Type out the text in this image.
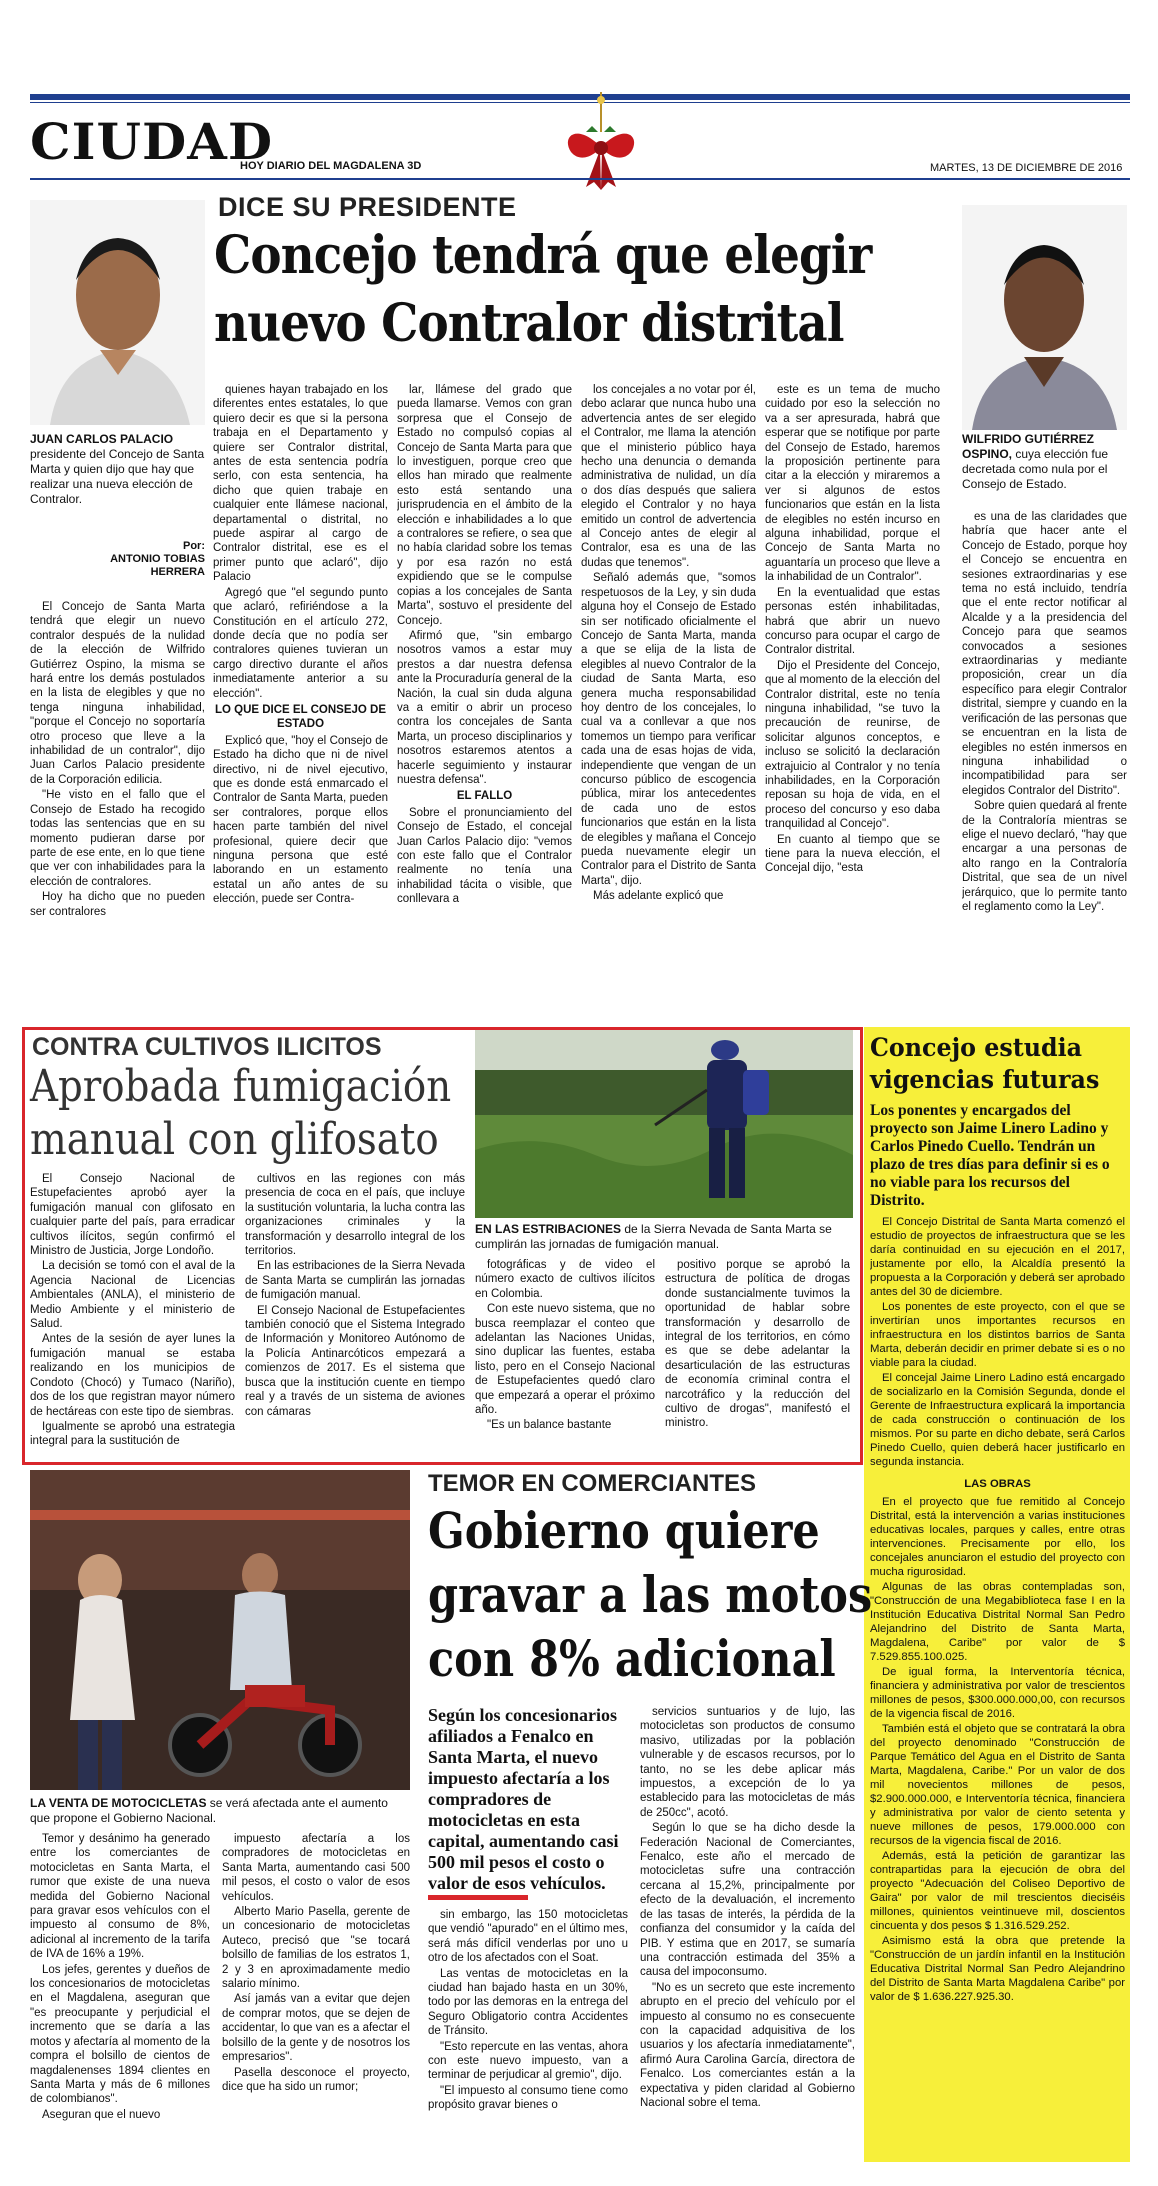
CIUDAD
HOY DIARIO DEL MAGDALENA 3D	MARTES, 13 DE DICIEMBRE DE 2016
DICE SU PRESIDENTE
Concejo tendrá que elegir
nuevo Contralor distrital
JUAN CARLOS PALACIO presidente del Concejo de Santa Marta y quien dijo que hay que realizar una nueva elección de Contralor.
Por:
ANTONIO TOBIAS HERRERA

El Concejo de Santa Marta tendrá que elegir un nuevo contralor después de la nulidad de la elección de Wilfrido Gutiérrez Ospino, la misma se hará entre los demás postulados en la lista de elegibles y que no tenga ninguna inhabilidad, "porque el Concejo no soportaría otro proceso que lleve a la inhabilidad de un contralor", dijo Juan Carlos Palacio presidente de la Corporación edilicia.

"He visto en el fallo que el Consejo de Estado ha recogido todas las sentencias que en su momento pudieran darse por parte de ese ente, en lo que tiene que ver con inhabilidades para la elección de contralores.

Hoy ha dicho que no pueden ser contralores

quienes hayan trabajado en los diferentes entes estatales, lo que quiero decir es que si la persona trabaja en el Departamento y quiere ser Contralor distrital, antes de esta sentencia podría serlo, con esta sentencia, ha dicho que quien trabaje en cualquier ente llámese nacional, departamental o distrital, no puede aspirar al cargo de Contralor distrital, ese es el primer punto que aclaró", dijo Palacio

Agregó que "el segundo punto que aclaró, refiriéndose a la Constitución en el artículo 272, donde decía que no podía ser contralores quienes tuvieran un cargo directivo durante el años inmediatamente anterior a su elección".

LO QUE DICE EL CONSEJO DE ESTADO

Explicó que, "hoy el Consejo de Estado ha dicho que ni de nivel directivo, ni de nivel ejecutivo, que es donde está enmarcado el Contralor de Santa Marta, pueden ser contralores, porque ellos hacen parte también del nivel profesional, quiere decir que ninguna persona que esté laborando en un estamento estatal un año antes de su elección, puede ser Contra-

lar, llámese del grado que pueda llamarse. Vemos con gran sorpresa que el Consejo de Estado no compulsó copias al Concejo de Santa Marta para que lo investiguen, porque creo que ellos han mirado que realmente esto está sentando una jurisprudencia en el ámbito de la elección e inhabilidades a lo que a contralores se refiere, o sea que no había claridad sobre los temas y por esa razón no está expidiendo que se le compulse copias a los concejales de Santa Marta", sostuvo el presidente del Concejo.

Afirmó que, "sin embargo nosotros vamos a estar muy prestos a dar nuestra defensa ante la Procuraduría general de la Nación, la cual sin duda alguna va a emitir o abrir un proceso contra los concejales de Santa Marta, un proceso disciplinarios y nosotros estaremos atentos a hacerle seguimiento y instaurar nuestra defensa".

EL FALLO

Sobre el pronunciamiento del Consejo de Estado, el concejal Juan Carlos Palacio dijo: "vemos con este fallo que el Contralor realmente no tenía una inhabilidad tácita o visible, que conllevara a

los concejales a no votar por él, debo aclarar que nunca hubo una advertencia antes de ser elegido el Contralor, me llama la atención que el ministerio público haya hecho una denuncia o demanda administrativa de nulidad, un día o dos días después que saliera elegido el Contralor y no haya emitido un control de advertencia al Concejo antes de elegir al Contralor, esa es una de las dudas que tenemos".

Señaló además que, "somos respetuosos de la Ley, y sin duda alguna hoy el Consejo de Estado sin ser notificado oficialmente el Concejo de Santa Marta, manda a que se elija de la lista de elegibles al nuevo Contralor de la ciudad de Santa Marta, eso genera mucha responsabilidad hoy dentro de los concejales, lo cual va a conllevar a que nos tomemos un tiempo para verificar cada una de esas hojas de vida, independiente que vengan de un concurso público de escogencia pública, mirar los antecedentes de cada uno de estos funcionarios que están en la lista de elegibles y mañana el Concejo pueda nuevamente elegir un Contralor para el Distrito de Santa Marta", dijo.

Más adelante explicó que

este es un tema de mucho cuidado por eso la selección no va a ser apresurada, habrá que esperar que se notifique por parte del Consejo de Estado, haremos la proposición pertinente para citar a la elección y miraremos a ver si algunos de estos funcionarios que están en la lista de elegibles no estén incurso en alguna inhabilidad, porque el Concejo de Santa Marta no aguantaría un proceso que lleve a la inhabilidad de un Contralor".

En la eventualidad que estas personas estén inhabilitadas, habrá que abrir un nuevo concurso para ocupar el cargo de Contralor distrital.

Dijo el Presidente del Concejo, que al momento de la elección del Contralor distrital, este no tenía ninguna inhabilidad, "se tuvo la precaución de reunirse, de solicitar algunos conceptos, e incluso se solicitó la declaración extrajuicio al Contralor y no tenía inhabilidades, en la Corporación reposan su hoja de vida, en el proceso del concurso y eso daba tranquilidad al Concejo".

En cuanto al tiempo que se tiene para la nueva elección, el Concejal dijo, "esta

WILFRIDO GUTIÉRREZ OSPINO, cuya elección fue decretada como nula por el Consejo de Estado.

es una de las claridades que habría que hacer ante el Concejo de Estado, porque hoy el Concejo se encuentra en sesiones extraordinarias y ese tema no está incluido, tendría que el ente rector notificar al Alcalde y a la presidencia del Concejo para que seamos convocados a sesiones extraordinarias y mediante proposición, crear un día específico para elegir Contralor distrital, siempre y cuando en la verificación de las personas que se encuentran en la lista de elegibles no estén inmersos en ninguna inhabilidad o incompatibilidad para ser elegidos Contralor del Distrito".

Sobre quien quedará al frente de la Contraloría mientras se elige el nuevo declaró, "hay que encargar a una personas de alto rango en la Contraloría Distrital, que sea de un nivel jerárquico, que lo permite tanto el reglamento como la Ley".

CONTRA CULTIVOS ILICITOS
Aprobada fumigación
manual con glifosato
EN LAS ESTRIBACIONES de la Sierra Nevada de Santa Marta se cumplirán las jornadas de fumigación manual.

El Consejo Nacional de Estupefacientes aprobó ayer la fumigación manual con glifosato en cualquier parte del país, para erradicar cultivos ilícitos, según confirmó el Ministro de Justicia, Jorge Londoño.

La decisión se tomó con el aval de la Agencia Nacional de Licencias Ambientales (ANLA), el ministerio de Medio Ambiente y el ministerio de Salud.

Antes de la sesión de ayer lunes la fumigación manual se estaba realizando en los municipios de Condoto (Chocó) y Tumaco (Nariño), dos de los que registran mayor número de hectáreas con este tipo de siembras.

Igualmente se aprobó una estrategia integral para la sustitución de

cultivos en las regiones con más presencia de coca en el país, que incluye la sustitución voluntaria, la lucha contra las organizaciones criminales y la transformación y desarrollo integral de los territorios.

En las estribaciones de la Sierra Nevada de Santa Marta se cumplirán las jornadas de fumigación manual.

El Consejo Nacional de Estupefacientes también conoció que el Sistema Integrado de Información y Monitoreo Autónomo de la Policía Antinarcóticos empezará a comienzos de 2017. Es el sistema que busca que la institución cuente en tiempo real y a través de un sistema de aviones con cámaras

fotográficas y de video el número exacto de cultivos ilícitos en Colombia.

Con este nuevo sistema, que no busca reemplazar el conteo que adelantan las Naciones Unidas, sino duplicar las fuentes, estaba listo, pero en el Consejo Nacional de Estupefacientes quedó claro que empezará a operar el próximo año.

"Es un balance bastante

positivo porque se aprobó la estructura de política de drogas donde sustancialmente tuvimos la oportunidad de hablar sobre transformación y desarrollo de integral de los territorios, en cómo es que se debe adelantar la desarticulación de las estructuras de economía criminal contra el narcotráfico y la reducción del cultivo de drogas", manifestó el ministro.

Concejo estudia vigencias futuras
Los ponentes y encargados del proyecto son Jaime Linero Ladino y Carlos Pinedo Cuello. Tendrán un plazo de tres días para definir si es o no viable para los recursos del Distrito.

El Concejo Distrital de Santa Marta comenzó el estudio de proyectos de infraestructura que se les daría continuidad en su ejecución en el 2017, justamente por ello, la Alcaldía presentó la propuesta a la Corporación y deberá ser aprobado antes del 30 de diciembre.

Los ponentes de este proyecto, con el que se invertirían unos importantes recursos en infraestructura en los distintos barrios de Santa Marta, deberán decidir en primer debate si es o no viable para la ciudad.

El concejal Jaime Linero Ladino está encargado de socializarlo en la Comisión Segunda, donde el Gerente de Infraestructura explicará la importancia de cada construcción o continuación de los mismos. Por su parte en dicho debate, será Carlos Pinedo Cuello, quien deberá hacer justificarlo en segunda instancia.

LAS OBRAS

En el proyecto que fue remitido al Concejo Distrital, está la intervención a varias instituciones educativas locales, parques y calles, entre otras intervenciones. Precisamente por ello, los concejales anunciaron el estudio del proyecto con mucha rigurosidad.

Algunas de las obras contempladas son, "Construcción de una Megabiblioteca fase I en la Institución Educativa Distrital Normal San Pedro Alejandrino del Distrito de Santa Marta, Magdalena, Caribe" por valor de $ 7.529.855.100.025.

De igual forma, la Interventoría técnica, financiera y administrativa por valor de trescientos millones de pesos, $300.000.000,00, con recursos de la vigencia fiscal de 2016.

También está el objeto que se contratará la obra del proyecto denominado "Construcción de Parque Temático del Agua en el Distrito de Santa Marta, Magdalena, Caribe." Por un valor de dos mil novecientos millones de pesos, $2.900.000.000, e Interventoría técnica, financiera y administrativa por valor de ciento setenta y nueve millones de pesos, 179.000.000 con recursos de la vigencia fiscal de 2016.

Además, está la petición de garantizar las contrapartidas para la ejecución de obra del proyecto "Adecuación del Coliseo Deportivo de Gaira" por valor de mil trescientos dieciséis millones, quinientos veintinueve mil, doscientos cincuenta y dos pesos $ 1.316.529.252.

Asimismo está la obra que pretende la "Construcción de un jardín infantil en la Institución Educativa Distrital Normal San Pedro Alejandrino del Distrito de Santa Marta Magdalena Caribe" por valor de $ 1.636.227.925.30.

LA VENTA DE MOTOCICLETAS se verá afectada ante el aumento que propone el Gobierno Nacional.
TEMOR EN COMERCIANTES
Gobierno quiere
gravar a las motos
con 8% adicional
Según los concesionarios afiliados a Fenalco en Santa Marta, el nuevo impuesto afectaría a los compradores de motocicletas en esta capital, aumentando casi 500 mil pesos el costo o valor de esos vehículos.

Temor y desánimo ha generado entre los comerciantes de motocicletas en Santa Marta, el rumor que existe de una nueva medida del Gobierno Nacional para gravar esos vehículos con el impuesto al consumo de 8%, adicional al incremento de la tarifa de IVA de 16% a 19%.

Los jefes, gerentes y dueños de los concesionarios de motocicletas en el Magdalena, aseguran que "es preocupante y perjudicial el incremento que se daría a las motos y afectaría al momento de la compra el bolsillo de cientos de magdalenenses 1894 clientes en Santa Marta y más de 6 millones de colombianos".

Aseguran que el nuevo

impuesto afectaría a los compradores de motocicletas en Santa Marta, aumentando casi 500 mil pesos, el costo o valor de esos vehículos.

Alberto Mario Pasella, gerente de un concesionario de motocicletas Auteco, precisó que "se tocará bolsillo de familias de los estratos 1, 2 y 3 en aproximadamente medio salario mínimo.

Así jamás van a evitar que dejen de comprar motos, que se dejen de accidentar, lo que van es a afectar el bolsillo de la gente y de nosotros los empresarios".

Pasella desconoce el proyecto, dice que ha sido un rumor;

sin embargo, las 150 motocicletas que vendió "apurado" en el último mes, será más difícil venderlas por uno u otro de los afectados con el Soat.

Las ventas de motocicletas en la ciudad han bajado hasta en un 30%, todo por las demoras en la entrega del Seguro Obligatorio contra Accidentes de Tránsito.

"Esto repercute en las ventas, ahora con este nuevo impuesto, van a terminar de perjudicar al gremio", dijo.

"El impuesto al consumo tiene como propósito gravar bienes o

servicios suntuarios y de lujo, las motocicletas son productos de consumo masivo, utilizadas por la población vulnerable y de escasos recursos, por lo tanto, no se les debe aplicar más impuestos, a excepción de lo ya establecido para las motocicletas de más de 250cc", acotó.

Según lo que se ha dicho desde la Federación Nacional de Comerciantes, Fenalco, este año el mercado de motocicletas sufre una contracción cercana al 15,2%, principalmente por efecto de la devaluación, el incremento de las tasas de interés, la pérdida de la confianza del consumidor y la caída del PIB. Y estima que en 2017, se sumaría una contracción estimada del 35% a causa del impoconsumo.

"No es un secreto que este incremento abrupto en el precio del vehículo por el impuesto al consumo no es consecuente con la capacidad adquisitiva de los usuarios y los afectaría inmediatamente", afirmó Aura Carolina García, directora de Fenalco. Los comerciantes están a la expectativa y piden claridad al Gobierno Nacional sobre el tema.
